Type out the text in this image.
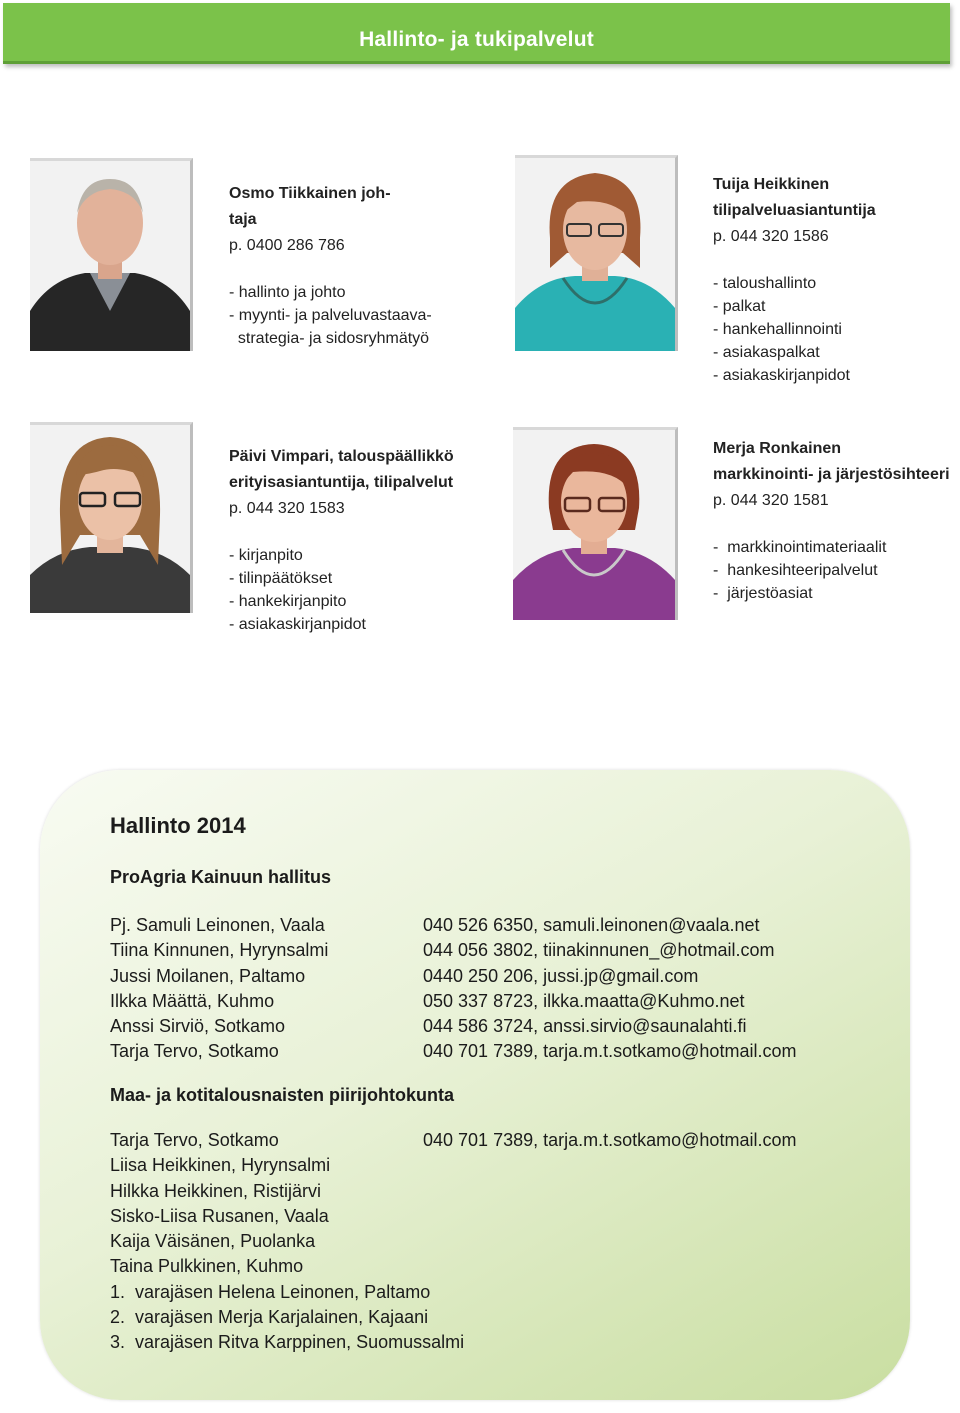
Hallinto- ja tukipalvelut
Osmo Tiikkainen joh-
taja
p. 0400 286 786
- hallinto ja johto
- myynti- ja palveluvastaava-
strategia- ja sidosryhmätyö
Tuija Heikkinen
tilipalveluasiantuntija
p. 044 320 1586
- taloushallinto
- palkat
- hankehallinnointi
- asiakaspalkat
- asiakaskirjanpidot
Päivi Vimpari, talouspäällikkö
erityisasiantuntija, tilipalvelut
p. 044 320 1583
- kirjanpito
- tilinpäätökset
- hankekirjanpito
- asiakaskirjanpidot
Merja Ronkainen
markkinointi- ja järjestösihteeri
p. 044 320 1581
-  markkinointimateriaalit
-  hankesihteeripalvelut
-  järjestöasiat
Hallinto 2014
ProAgria Kainuun hallitus
Pj. Samuli Leinonen, Vaala	040 526 6350, samuli.leinonen@vaala.net
Tiina Kinnunen, Hyrynsalmi	044 056 3802, tiinakinnunen_@hotmail.com
Jussi Moilanen, Paltamo	0440 250 206, jussi.jp@gmail.com
Ilkka Määttä, Kuhmo	050 337 8723, ilkka.maatta@Kuhmo.net
Anssi Sirviö, Sotkamo	044 586 3724, anssi.sirvio@saunalahti.fi
Tarja Tervo, Sotkamo	040 701 7389, tarja.m.t.sotkamo@hotmail.com
Maa- ja kotitalousnaisten piirijohtokunta
Tarja Tervo, Sotkamo	040 701 7389, tarja.m.t.sotkamo@hotmail.com
Liisa Heikkinen, Hyrynsalmi
Hilkka Heikkinen, Ristijärvi
Sisko-Liisa Rusanen, Vaala
Kaija Väisänen, Puolanka
Taina Pulkkinen, Kuhmo
1.  varajäsen Helena Leinonen, Paltamo
2.  varajäsen Merja Karjalainen, Kajaani
3.  varajäsen Ritva Karppinen, Suomussalmi
